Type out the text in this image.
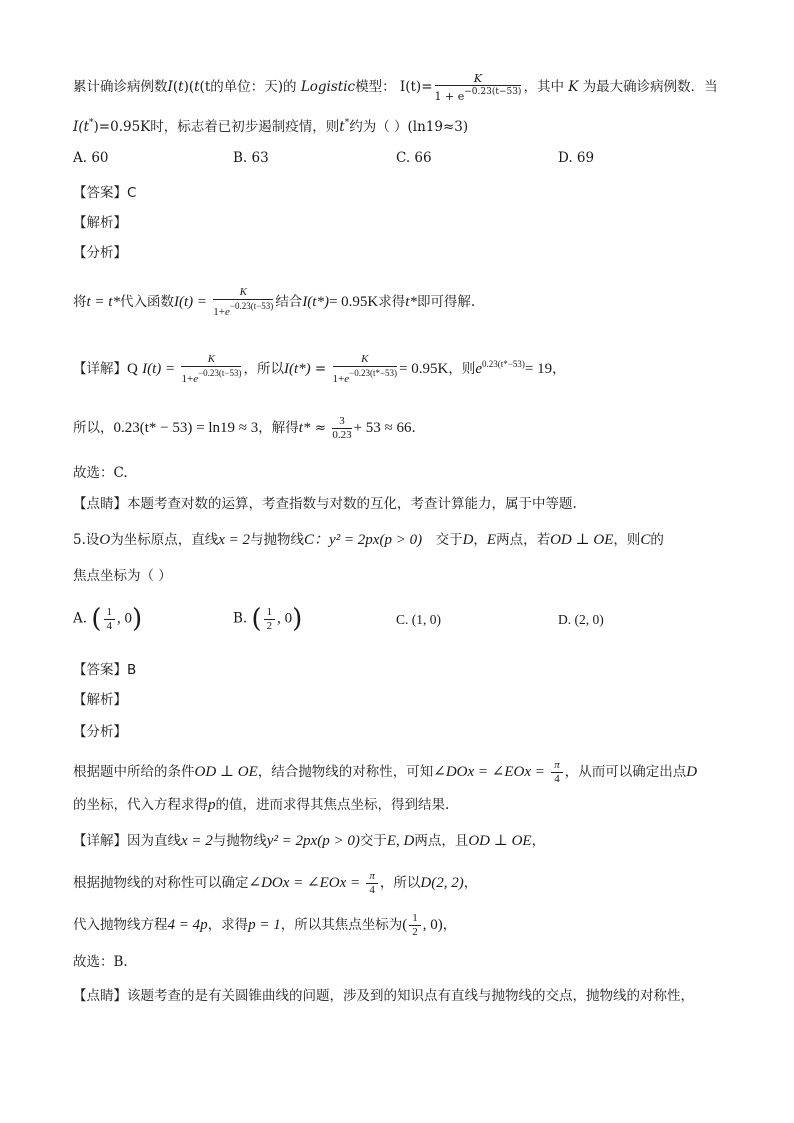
累计确诊病例数I(t)(t(t的单位：天)的 Logistic模型： $I(t)= \frac{K}{1 + e^{-0.23(t-53)}}$ ，其中 K 为最大确诊病例数．当
I(t*)=0.95K时，标志着已初步遏制疫情，则t*约为（ ）(ln19≈3)
A. 60	B. 63	C. 66	D. 69
【答案】C
【解析】
【分析】
将t = t*代入函数$I(t) = \frac{K}{1+e^{-0.23(t-53)}}$ 结合I(t*)= 0.95K求得t*即可得解.
【详解】Q $I(t) = \frac{K}{1+e^{-0.23(t-53)}}$ ，所以$I(t*) = \frac{K}{1+e^{-0.23(t*-53)}} = 0.95K$，则$e^{0.23(t*-53)}= 19$，
所以，0.23(t* − 53) = ln19 ≈ 3，解得$t* \approx \frac{3}{0.23} + 53 \approx 66$.
故选：C.
【点睛】本题考查对数的运算，考查指数与对数的互化，考查计算能力，属于中等题.
5.设O为坐标原点，直线x = 2与抛物线C：y² = 2px(p > 0)　 交于D，E两点，若OD ⊥ OE，则C的
焦点坐标为（ ）
A. ( $\frac{1}{4}$ , 0)	B. ( $\frac{1}{2}$ , 0)	C. (1, 0)	D. (2, 0)
【答案】B
【解析】
【分析】
根据题中所给的条件OD ⊥ OE，结合抛物线的对称性，可知∠DOx = ∠EOx = $\frac{\pi}{4}$ ，从而可以确定出点D
的坐标，代入方程求得p的值，进而求得其焦点坐标，得到结果.
【详解】因为直线x = 2与抛物线y² = 2px(p > 0)交于E, D两点，且OD ⊥ OE，
根据抛物线的对称性可以确定∠DOx = ∠EOx = $\frac{\pi}{4}$ ，所以D(2, 2)，
代入抛物线方程4 = 4p，求得p = 1，所以其焦点坐标为( $\frac{1}{2}$ , 0)，
故选：B.
【点睛】该题考查的是有关圆锥曲线的问题，涉及到的知识点有直线与抛物线的交点，抛物线的对称性，
